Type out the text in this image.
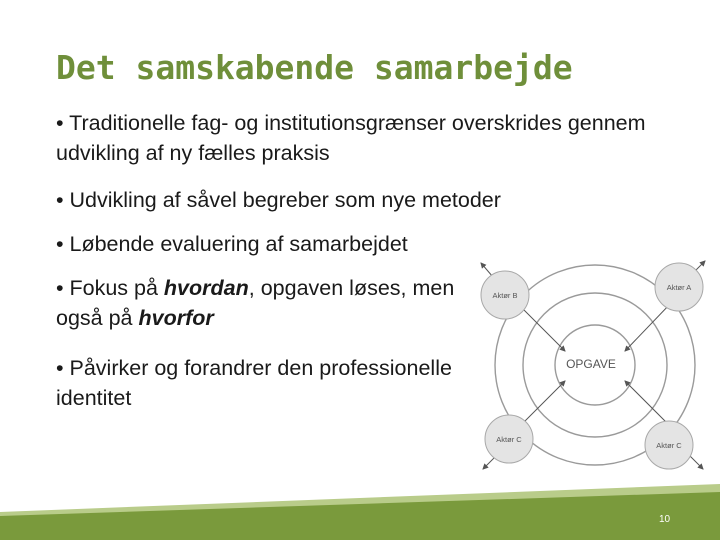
Det samskabende samarbejde
• Traditionelle fag- og institutionsgrænser overskrides gennem udvikling af ny fælles praksis
• Udvikling af såvel begreber som nye metoder
• Løbende evaluering af samarbejdet
• Fokus på hvordan, opgaven løses, men også på hvorfor
• Påvirker og forandrer den professionelle identitet
Aktør B
Aktør A
Aktør C
Aktør C
OPGAVE
10
